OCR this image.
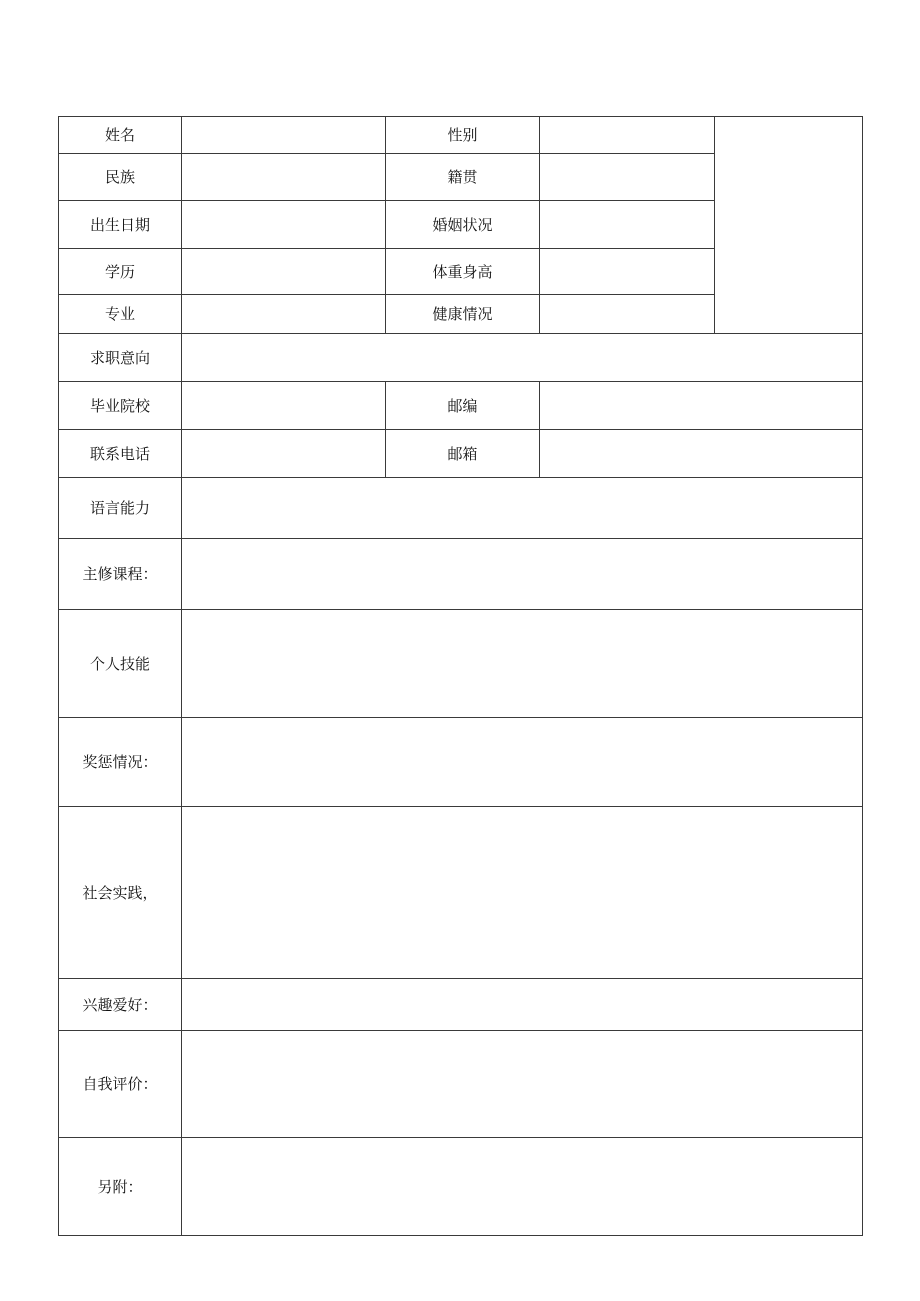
姓名		性别		
民族		籍贯		
出生日期		婚姻状况		
学历		体重身高		
专业		健康情况		
求职意向				
毕业院校		邮编		
联系电话		邮箱		
语言能力				
主修课程：				
个人技能				
奖惩情况：				
社会实践，				
兴趣爱好：				
自我评价：				
另附：				
